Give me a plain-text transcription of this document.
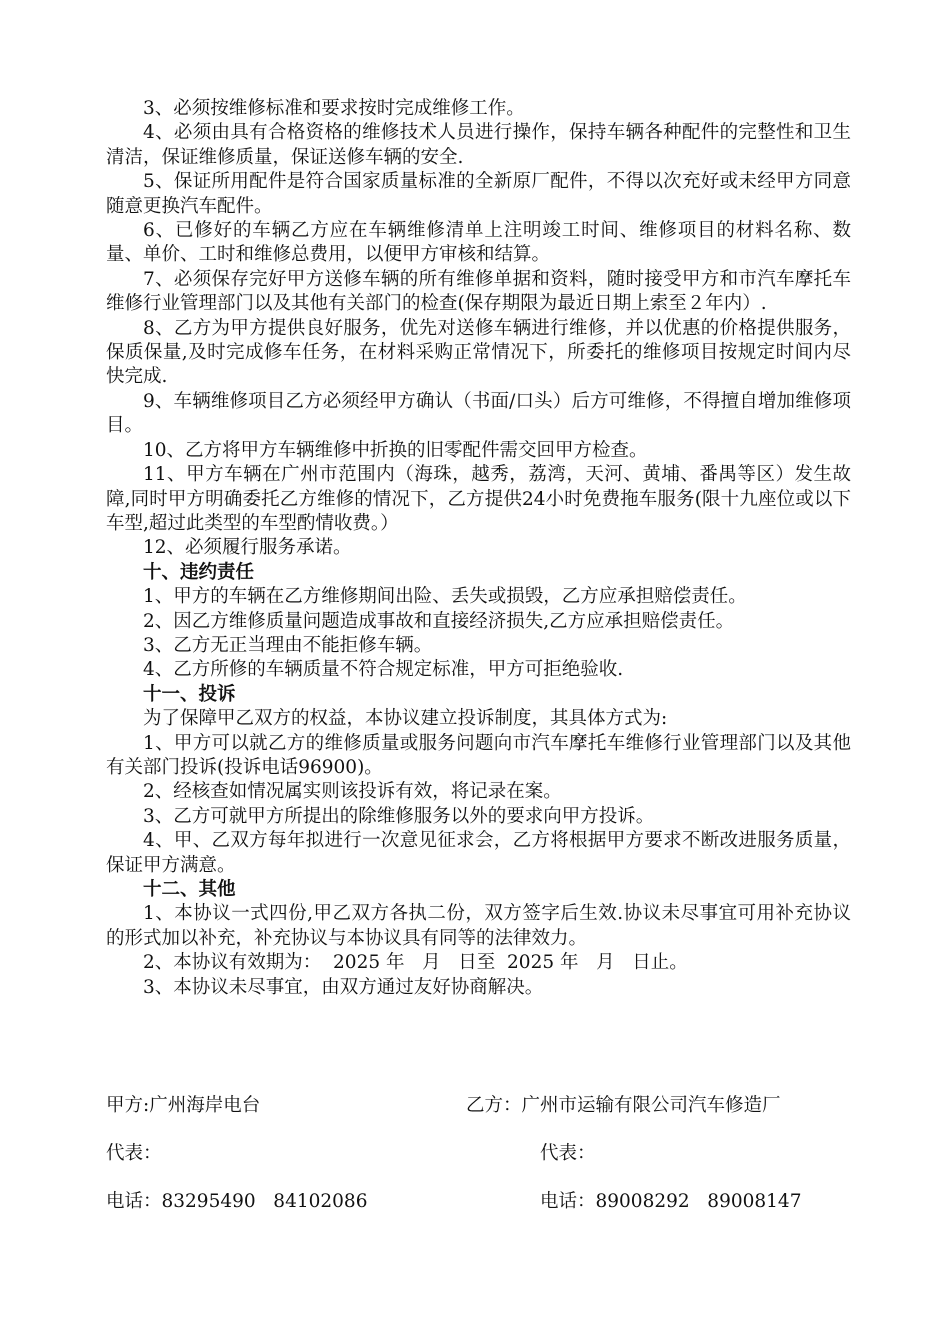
3、必须按维修标准和要求按时完成维修工作。

4、必须由具有合格资格的维修技术人员进行操作，保持车辆各种配件的完整性和卫生清洁，保证维修质量，保证送修车辆的安全.

5、保证所用配件是符合国家质量标准的全新原厂配件，不得以次充好或未经甲方同意随意更换汽车配件。

6、已修好的车辆乙方应在车辆维修清单上注明竣工时间、维修项目的材料名称、数量、单价、工时和维修总费用，以便甲方审核和结算。

7、必须保存完好甲方送修车辆的所有维修单据和资料，随时接受甲方和市汽车摩托车维修行业管理部门以及其他有关部门的检查(保存期限为最近日期上索至２年内）.

8、乙方为甲方提供良好服务，优先对送修车辆进行维修，并以优惠的价格提供服务，保质保量,及时完成修车任务，在材料采购正常情况下，所委托的维修项目按规定时间内尽快完成.

9、车辆维修项目乙方必须经甲方确认（书面/口头）后方可维修，不得擅自增加维修项目。

10、乙方将甲方车辆维修中折换的旧零配件需交回甲方检查。

11、甲方车辆在广州市范围内（海珠，越秀，荔湾，天河、黄埔、番禺等区）发生故障,同时甲方明确委托乙方维修的情况下，乙方提供24小时免费拖车服务(限十九座位或以下车型,超过此类型的车型酌情收费。）

12、必须履行服务承诺。

十、违约责任

1、甲方的车辆在乙方维修期间出险、丢失或损毁，乙方应承担赔偿责任。

2、因乙方维修质量问题造成事故和直接经济损失,乙方应承担赔偿责任。

3、乙方无正当理由不能拒修车辆。

4、乙方所修的车辆质量不符合规定标准，甲方可拒绝验收.

十一、投诉

为了保障甲乙双方的权益，本协议建立投诉制度，其具体方式为:

1、甲方可以就乙方的维修质量或服务问题向市汽车摩托车维修行业管理部门以及其他有关部门投诉(投诉电话96900)。

2、经核查如情况属实则该投诉有效，将记录在案。

3、乙方可就甲方所提出的除维修服务以外的要求向甲方投诉。

4、甲、乙双方每年拟进行一次意见征求会，乙方将根据甲方要求不断改进服务质量，保证甲方满意。

十二、其他

1、本协议一式四份,甲乙双方各执二份，双方签字后生效.协议未尽事宜可用补充协议的形式加以补充，补充协议与本协议具有同等的法律效力。

2、本协议有效期为：  2025 年   月   日至  2025 年   月   日止。

3、本协议未尽事宜，由双方通过友好协商解决。

甲方:广州海岸电台	乙方：广州市运输有限公司汽车修造厂
代表：	代表：
电话：83295490   84102086	电话：89008292   89008147
